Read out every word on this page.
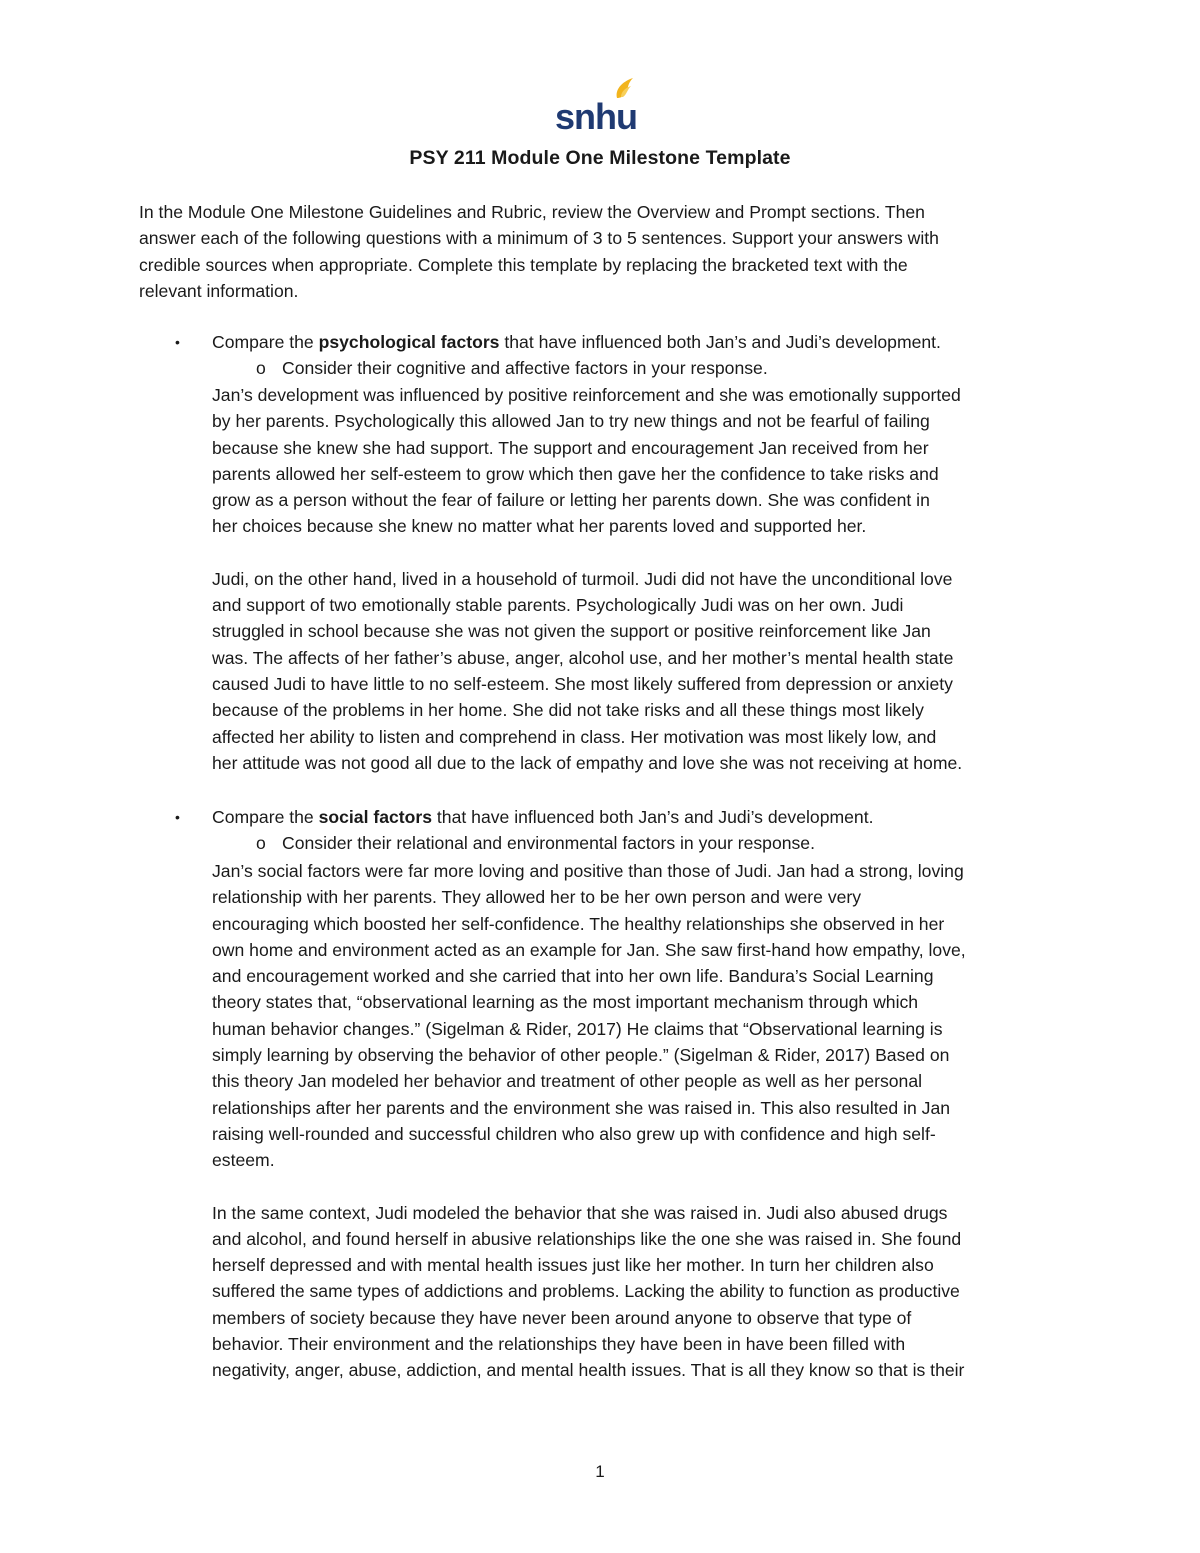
snhu
PSY 211 Module One Milestone Template
In the Module One Milestone Guidelines and Rubric, review the Overview and Prompt sections. Then
answer each of the following questions with a minimum of 3 to 5 sentences. Support your answers with
credible sources when appropriate. Complete this template by replacing the bracketed text with the
relevant information.
•	Compare the psychological factors that have influenced both Jan’s and Judi’s development.
o Consider their cognitive and affective factors in your response.

Jan’s development was influenced by positive reinforcement and she was emotionally supported
by her parents. Psychologically this allowed Jan to try new things and not be fearful of failing
because she knew she had support. The support and encouragement Jan received from her
parents allowed her self-esteem to grow which then gave her the confidence to take risks and
grow as a person without the fear of failure or letting her parents down. She was confident in
her choices because she knew no matter what her parents loved and supported her.

Judi, on the other hand, lived in a household of turmoil. Judi did not have the unconditional love
and support of two emotionally stable parents. Psychologically Judi was on her own. Judi
struggled in school because she was not given the support or positive reinforcement like Jan
was. The affects of her father’s abuse, anger, alcohol use, and her mother’s mental health state
caused Judi to have little to no self-esteem. She most likely suffered from depression or anxiety
because of the problems in her home. She did not take risks and all these things most likely
affected her ability to listen and comprehend in class. Her motivation was most likely low, and
her attitude was not good all due to the lack of empathy and love she was not receiving at home.

•	Compare the social factors that have influenced both Jan’s and Judi’s development.
o Consider their relational and environmental factors in your response.

Jan’s social factors were far more loving and positive than those of Judi. Jan had a strong, loving
relationship with her parents. They allowed her to be her own person and were very
encouraging which boosted her self-confidence. The healthy relationships she observed in her
own home and environment acted as an example for Jan. She saw first-hand how empathy, love,
and encouragement worked and she carried that into her own life. Bandura’s Social Learning
theory states that, “observational learning as the most important mechanism through which
human behavior changes.” (Sigelman & Rider, 2017) He claims that “Observational learning is
simply learning by observing the behavior of other people.” (Sigelman & Rider, 2017) Based on
this theory Jan modeled her behavior and treatment of other people as well as her personal
relationships after her parents and the environment she was raised in. This also resulted in Jan
raising well-rounded and successful children who also grew up with confidence and high self-
esteem.

In the same context, Judi modeled the behavior that she was raised in. Judi also abused drugs
and alcohol, and found herself in abusive relationships like the one she was raised in. She found
herself depressed and with mental health issues just like her mother. In turn her children also
suffered the same types of addictions and problems. Lacking the ability to function as productive
members of society because they have never been around anyone to observe that type of
behavior. Their environment and the relationships they have been in have been filled with
negativity, anger, abuse, addiction, and mental health issues. That is all they know so that is their

1
